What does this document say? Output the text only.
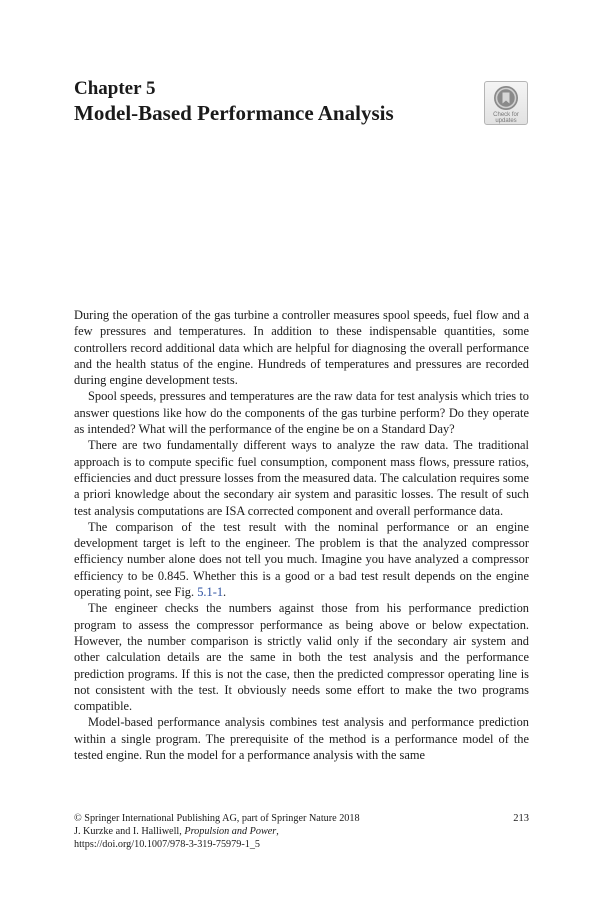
Chapter 5
Model-Based Performance Analysis	Check for updates

During the operation of the gas turbine a controller measures spool speeds, fuel flow and a few pressures and temperatures. In addition to these indispensable quantities, some controllers record additional data which are helpful for diagnosing the overall performance and the health status of the engine. Hundreds of temperatures and pressures are recorded during engine development tests.

Spool speeds, pressures and temperatures are the raw data for test analysis which tries to answer questions like how do the components of the gas turbine perform? Do they operate as intended? What will the performance of the engine be on a Standard Day?

There are two fundamentally different ways to analyze the raw data. The traditional approach is to compute specific fuel consumption, component mass flows, pressure ratios, efficiencies and duct pressure losses from the measured data. The calculation requires some a priori knowledge about the secondary air system and parasitic losses. The result of such test analysis computations are ISA corrected component and overall performance data.

The comparison of the test result with the nominal performance or an engine development target is left to the engineer. The problem is that the analyzed compressor efficiency number alone does not tell you much. Imagine you have analyzed a compressor efficiency to be 0.845. Whether this is a good or a bad test result depends on the engine operating point, see Fig. 5.1-1.

The engineer checks the numbers against those from his performance prediction program to assess the compressor performance as being above or below expectation. However, the number comparison is strictly valid only if the secondary air system and other calculation details are the same in both the test analysis and the performance prediction programs. If this is not the case, then the predicted compressor operating line is not consistent with the test. It obviously needs some effort to make the two programs compatible.

Model-based performance analysis combines test analysis and performance prediction within a single program. The prerequisite of the method is a performance model of the tested engine. Run the model for a performance analysis with the same

© Springer International Publishing AG, part of Springer Nature 2018
J. Kurzke and I. Halliwell, Propulsion and Power,
https://doi.org/10.1007/978-3-319-75979-1_5
213
